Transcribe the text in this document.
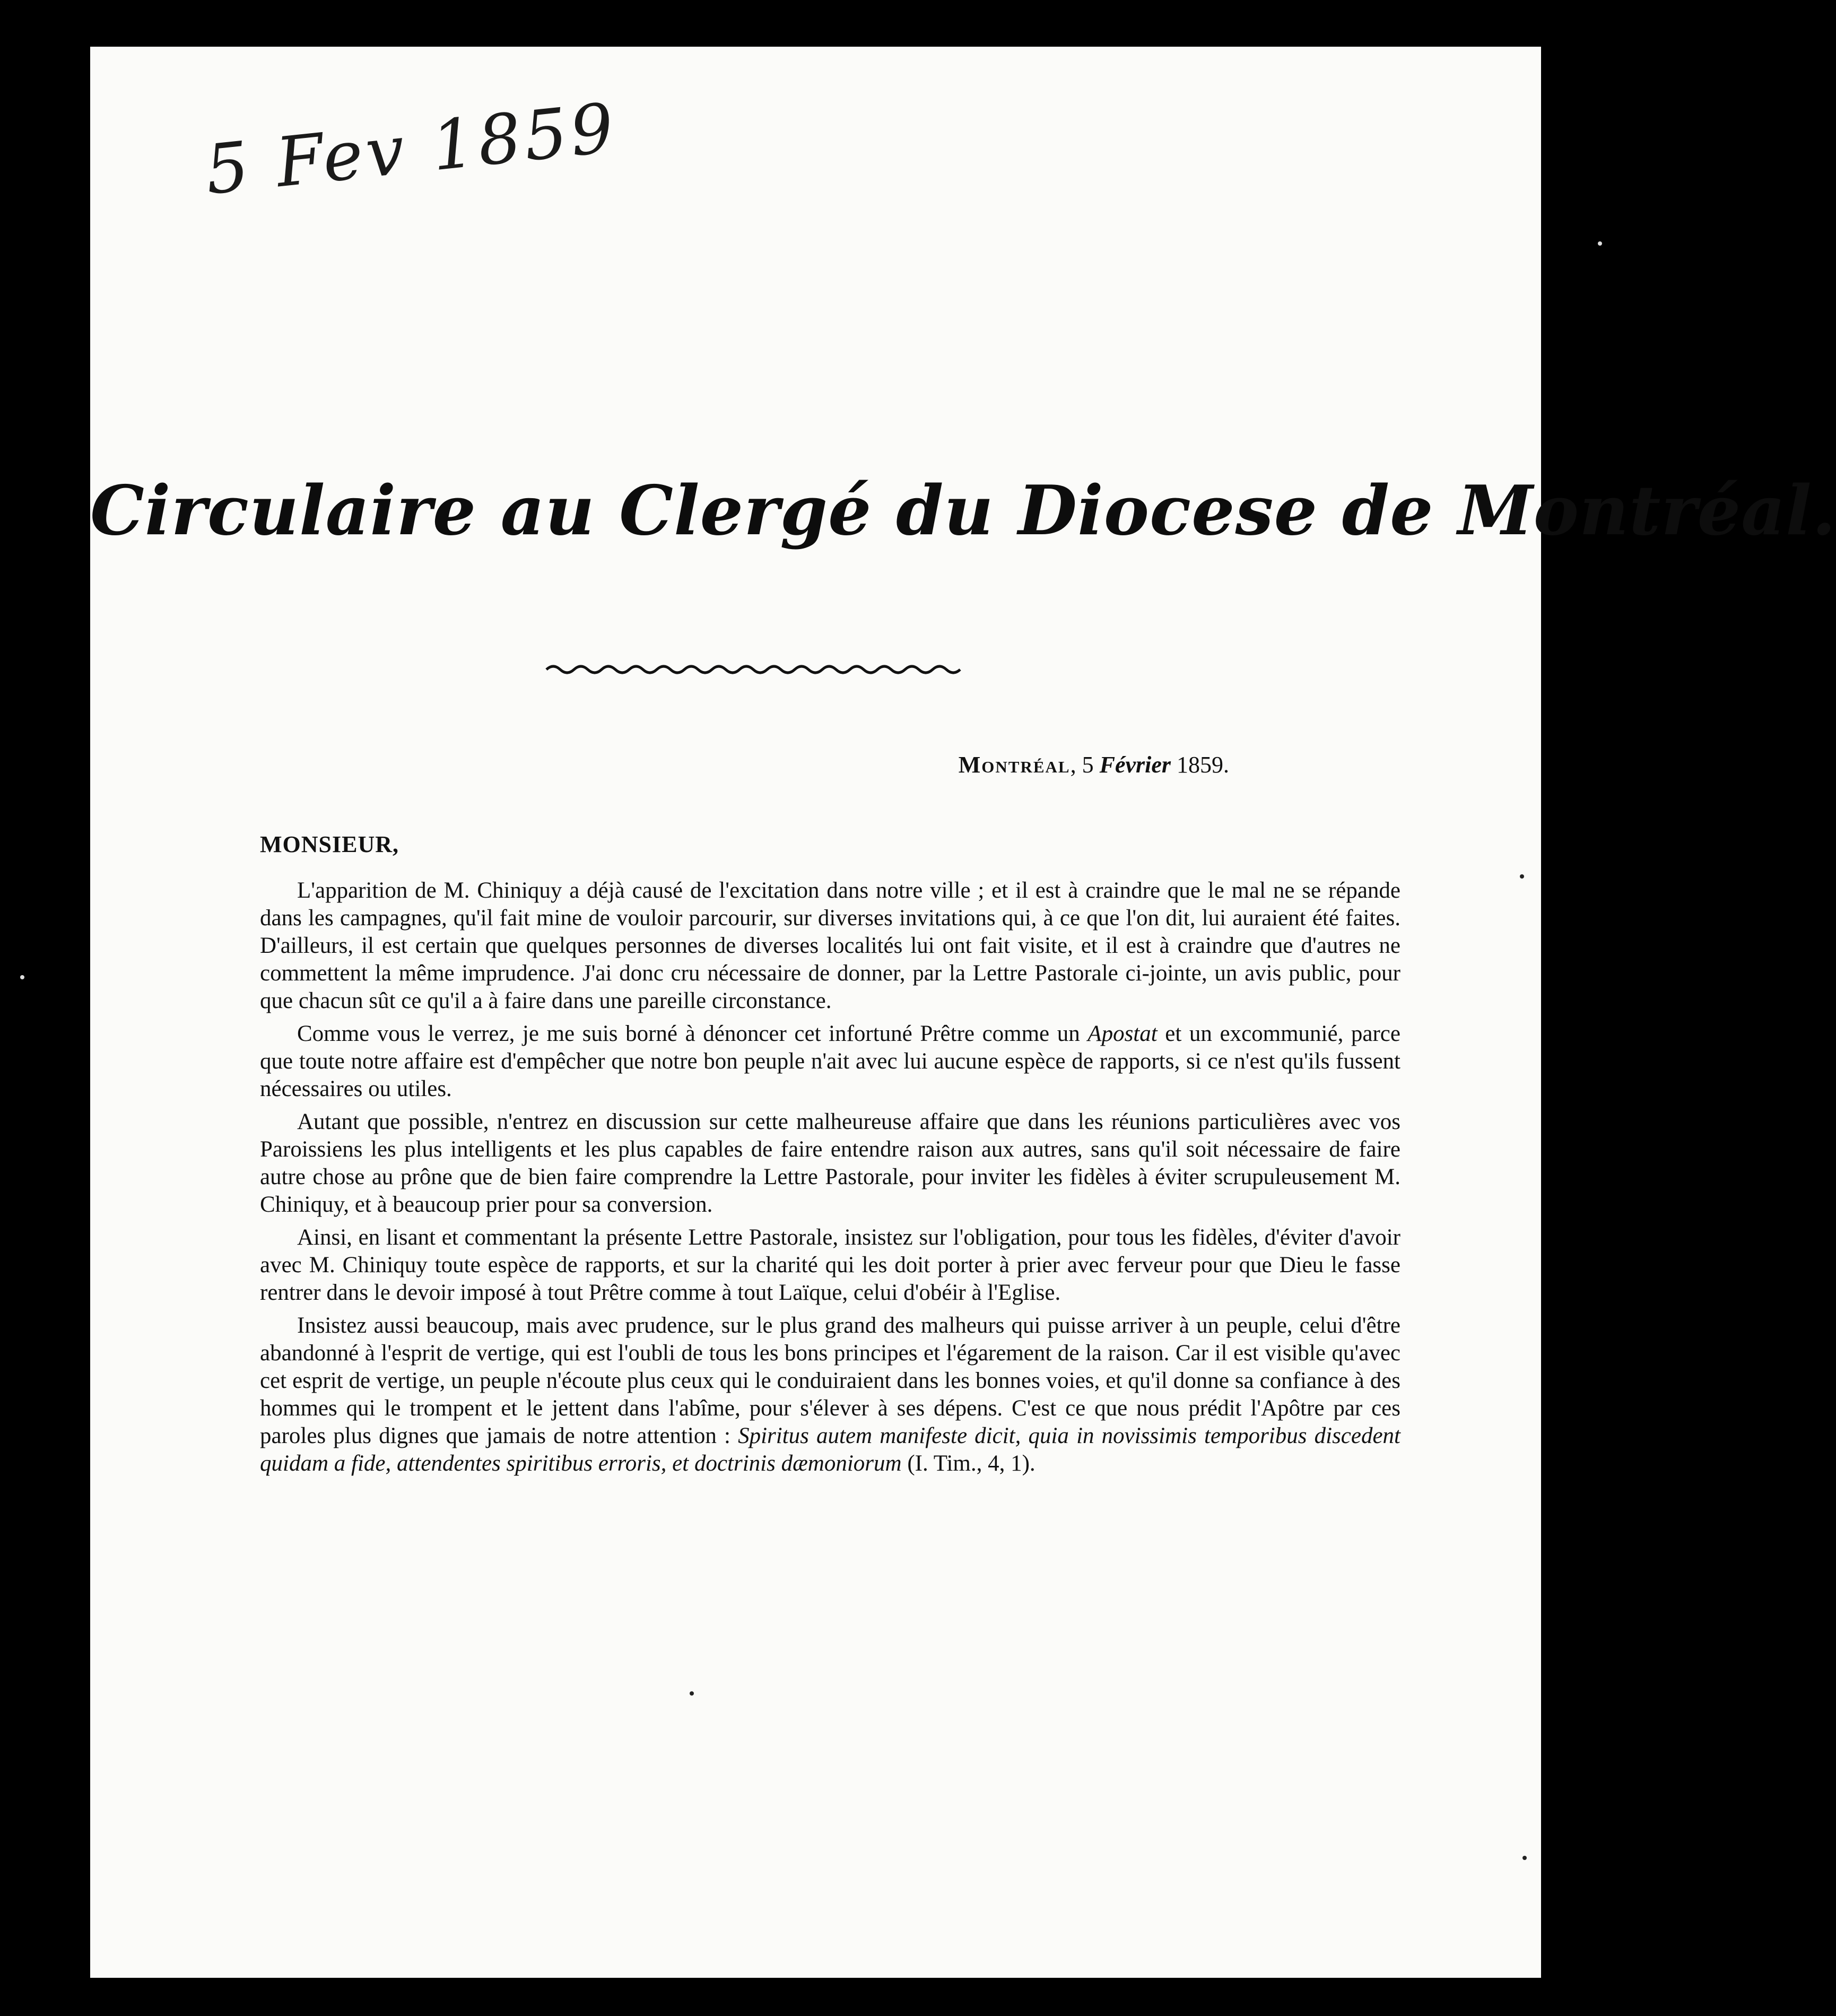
5 Fev 1859
Circulaire au Clergé du Diocese de Montréal.
Montréal, 5 Février 1859.
MONSIEUR,

L'apparition de M. Chiniquy a déjà causé de l'excitation dans notre ville ; et il est à craindre que le mal ne se répande dans les campagnes, qu'il fait mine de vouloir parcourir, sur diverses invitations qui, à ce que l'on dit, lui auraient été faites. D'ailleurs, il est certain que quelques personnes de diverses localités lui ont fait visite, et il est à craindre que d'autres ne commettent la même imprudence. J'ai donc cru nécessaire de donner, par la Lettre Pastorale ci-jointe, un avis public, pour que chacun sût ce qu'il a à faire dans une pareille circonstance.

Comme vous le verrez, je me suis borné à dénoncer cet infortuné Prêtre comme un Apostat et un excommunié, parce que toute notre affaire est d'empêcher que notre bon peuple n'ait avec lui aucune espèce de rapports, si ce n'est qu'ils fussent nécessaires ou utiles.

Autant que possible, n'entrez en discussion sur cette malheureuse affaire que dans les réunions particulières avec vos Paroissiens les plus intelligents et les plus capables de faire entendre raison aux autres, sans qu'il soit nécessaire de faire autre chose au prône que de bien faire comprendre la Lettre Pastorale, pour inviter les fidèles à éviter scrupuleusement M. Chiniquy, et à beaucoup prier pour sa conversion.

Ainsi, en lisant et commentant la présente Lettre Pastorale, insistez sur l'obligation, pour tous les fidèles, d'éviter d'avoir avec M. Chiniquy toute espèce de rapports, et sur la charité qui les doit porter à prier avec ferveur pour que Dieu le fasse rentrer dans le devoir imposé à tout Prêtre comme à tout Laïque, celui d'obéir à l'Eglise.

Insistez aussi beaucoup, mais avec prudence, sur le plus grand des malheurs qui puisse arriver à un peuple, celui d'être abandonné à l'esprit de vertige, qui est l'oubli de tous les bons principes et l'égarement de la raison. Car il est visible qu'avec cet esprit de vertige, un peuple n'écoute plus ceux qui le conduiraient dans les bonnes voies, et qu'il donne sa confiance à des hommes qui le trompent et le jettent dans l'abîme, pour s'élever à ses dépens. C'est ce que nous prédit l'Apôtre par ces paroles plus dignes que jamais de notre attention : Spiritus autem manifeste dicit, quia in novissimis temporibus discedent quidam a fide, attendentes spiritibus erroris, et doctrinis dæmoniorum (I. Tim., 4, 1).
